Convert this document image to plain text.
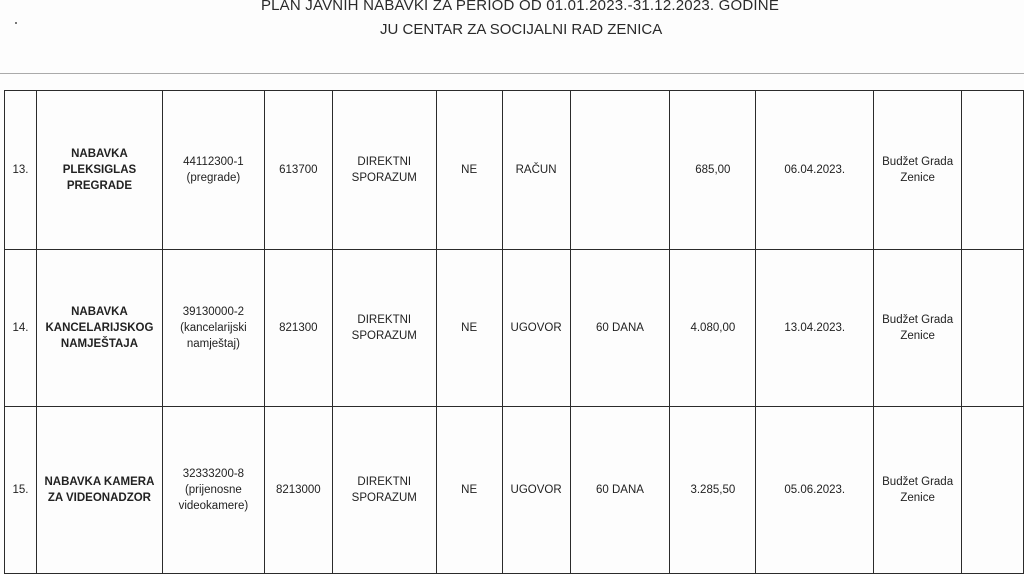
PLAN JAVNIH NABAVKI ZA PERIOD OD 01.01.2023.-31.12.2023. GODINE
JU CENTAR ZA SOCIJALNI RAD ZENICA
13.	NABAVKA PLEKSIGLAS PREGRADE	44112300-1 (pregrade)	613700	DIREKTNI SPORAZUM	NE	RAČUN		685,00	06.04.2023.	Budžet Grada Zenice	
14.	NABAVKA KANCELARIJSKOG NAMJEŠTAJA	39130000-2 (kancelarijski namještaj)	821300	DIREKTNI SPORAZUM	NE	UGOVOR	60 DANA	4.080,00	13.04.2023.	Budžet Grada Zenice	
15.	NABAVKA KAMERA ZA VIDEONADZOR	32333200-8 (prijenosne videokamere)	8213000	DIREKTNI SPORAZUM	NE	UGOVOR	60 DANA	3.285,50	05.06.2023.	Budžet Grada Zenice	
